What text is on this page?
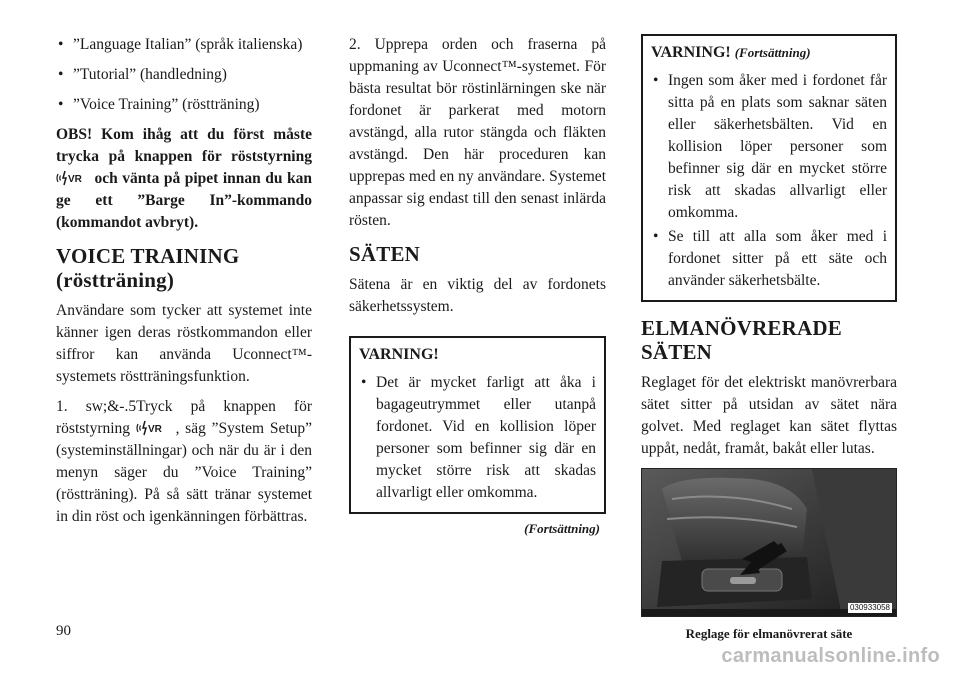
• ”Language Italian” (språk italienska)
• ”Tutorial” (handledning)
• ”Voice Training” (röstträning)

OBS! Kom ihåg att du först måste trycka på knappen för röststyrning
VR och vänta på pipet innan du kan ge ett ”Barge In”-kommando (kommandot avbryt).

VOICE TRAINING
(röstträning)

Användare som tycker att systemet inte känner igen deras röstkommandon eller siffror kan använda Uconnect™-systemets röstträningsfunktion.

1. sw;&-.5Tryck på knappen för röststyrning VR , säg ”System Setup” (systeminställningar) och när du är i den menyn säger du ”Voice Training” (röstträning). På så sätt tränar systemet in din röst och igenkänningen förbättras.

2. Upprepa orden och fraserna på uppmaning av Uconnect™-systemet. För bästa resultat bör röstinlärningen ske när fordonet är parkerat med motorn avstängd, alla rutor stängda och fläkten avstängd. Den här proceduren kan upprepas med en ny användare. Systemet anpassar sig endast till den senast inlärda rösten.

SÄTEN

Sätena är en viktig del av fordonets säkerhetssystem.

VARNING!
• Det är mycket farligt att åka i bagageutrymmet eller utanpå fordonet. Vid en kollision löper personer som befinner sig där en mycket större risk att skadas allvarligt eller omkomma.
(Fortsättning)
VARNING! (Fortsättning)
• Ingen som åker med i fordonet får sitta på en plats som saknar säten eller säkerhetsbälten. Vid en kollision löper personer som befinner sig där en mycket större risk att skadas allvarligt eller omkomma.
• Se till att alla som åker med i fordonet sitter på ett säte och använder säkerhetsbälte.
ELMANÖVRERADE SÄTEN

Reglaget för det elektriskt manövrerbara sätet sitter på utsidan av sätet nära golvet. Med reglaget kan sätet flyttas uppåt, nedåt, framåt, bakåt eller lutas.

030933058
Reglage för elmanövrerat säte
90
carmanualsonline.info
